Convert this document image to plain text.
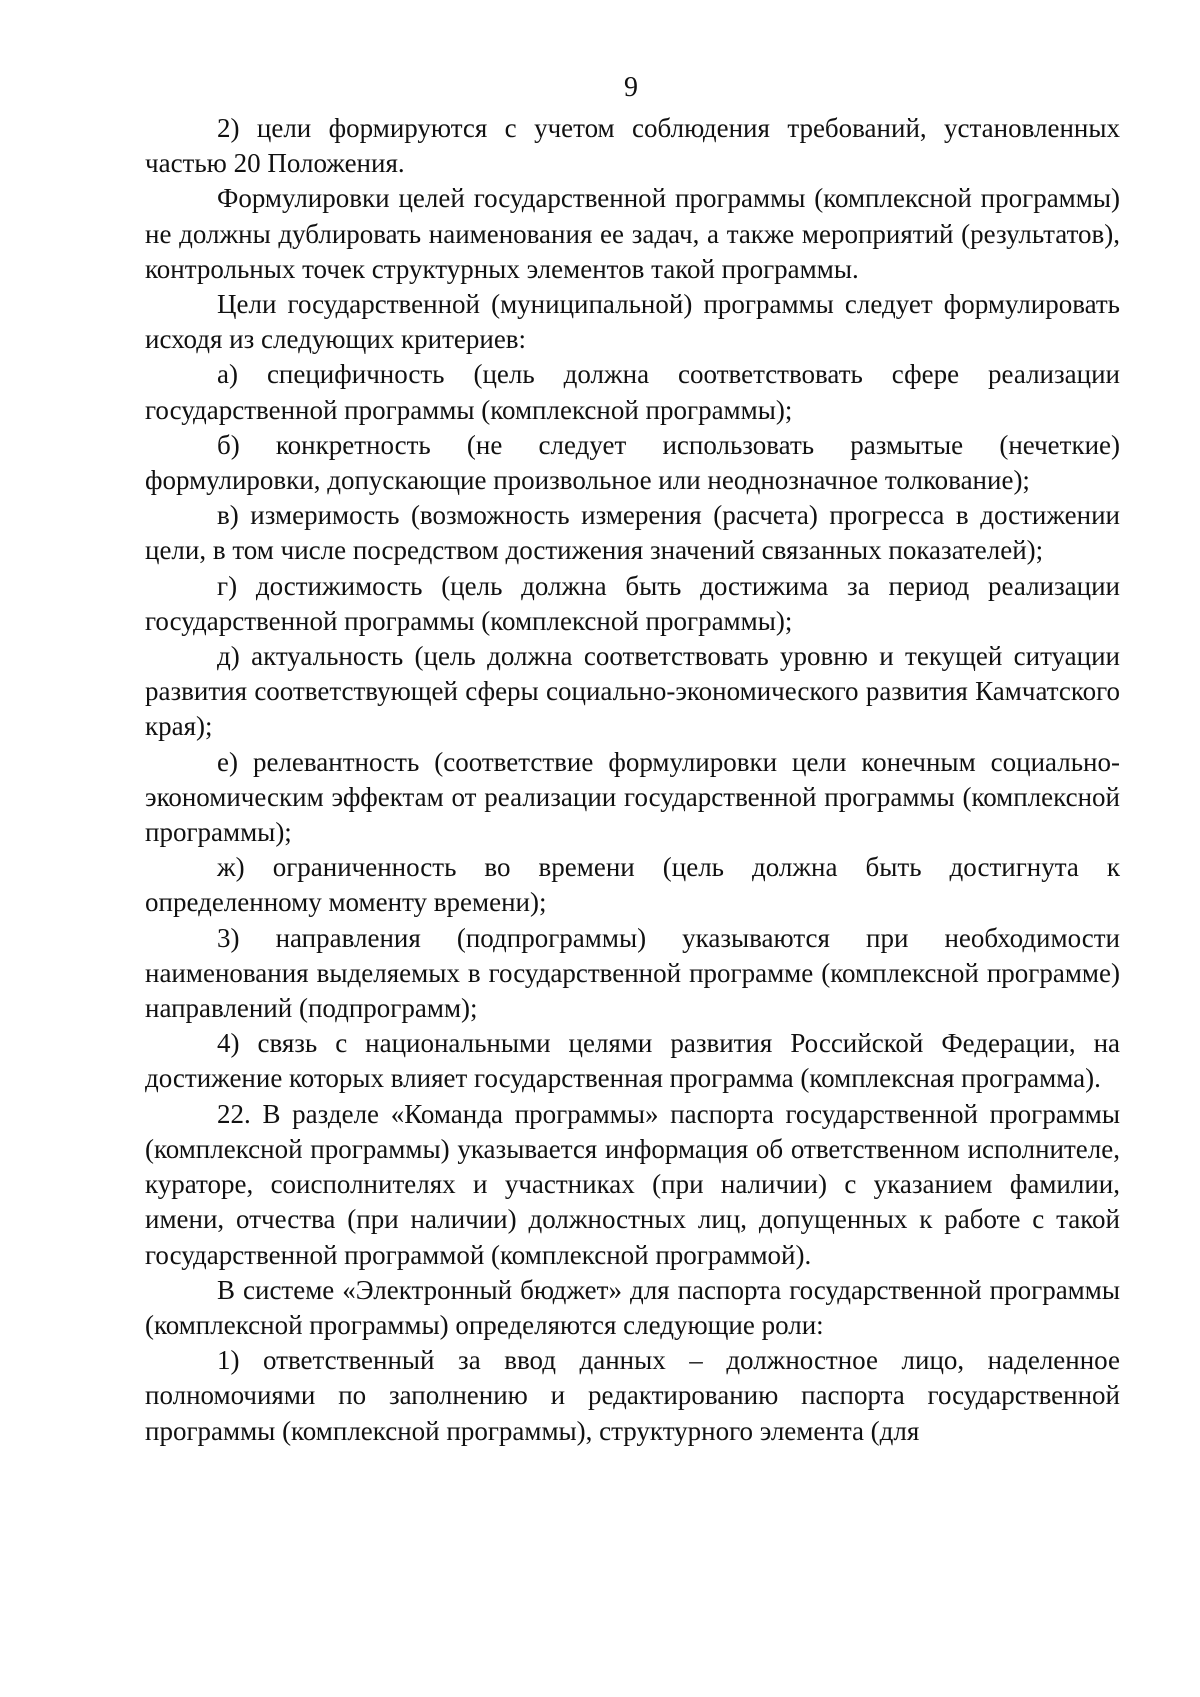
9

2) цели формируются с учетом соблюдения требований, установленных частью 20 Положения.

Формулировки целей государственной программы (комплексной программы) не должны дублировать наименования ее задач, а также мероприятий (результатов), контрольных точек структурных элементов такой программы.

Цели государственной (муниципальной) программы следует формулировать исходя из следующих критериев:

а) специфичность (цель должна соответствовать сфере реализации государственной программы (комплексной программы);

б) конкретность (не следует использовать размытые (нечеткие) формулировки, допускающие произвольное или неоднозначное толкование);

в) измеримость (возможность измерения (расчета) прогресса в достижении цели, в том числе посредством достижения значений связанных показателей);

г) достижимость (цель должна быть достижима за период реализации государственной программы (комплексной программы);

д) актуальность (цель должна соответствовать уровню и текущей ситуации развития соответствующей сферы социально-экономического развития Камчатского края);

е) релевантность (соответствие формулировки цели конечным социально-экономическим эффектам от реализации государственной программы (комплексной программы);

ж) ограниченность во времени (цель должна быть достигнута к определенному моменту времени);

3) направления (подпрограммы) указываются при необходимости наименования выделяемых в государственной программе (комплексной программе) направлений (подпрограмм);

4) связь с национальными целями развития Российской Федерации, на достижение которых влияет государственная программа (комплексная программа).

22. В разделе «Команда программы» паспорта государственной программы (комплексной программы) указывается информация об ответственном исполнителе, кураторе, соисполнителях и участниках (при наличии) с указанием фамилии, имени, отчества (при наличии) должностных лиц, допущенных к работе с такой государственной программой (комплексной программой).

В системе «Электронный бюджет» для паспорта государственной программы (комплексной программы) определяются следующие роли:

1) ответственный за ввод данных – должностное лицо, наделенное полномочиями по заполнению и редактированию паспорта государственной программы (комплексной программы), структурного элемента (для
